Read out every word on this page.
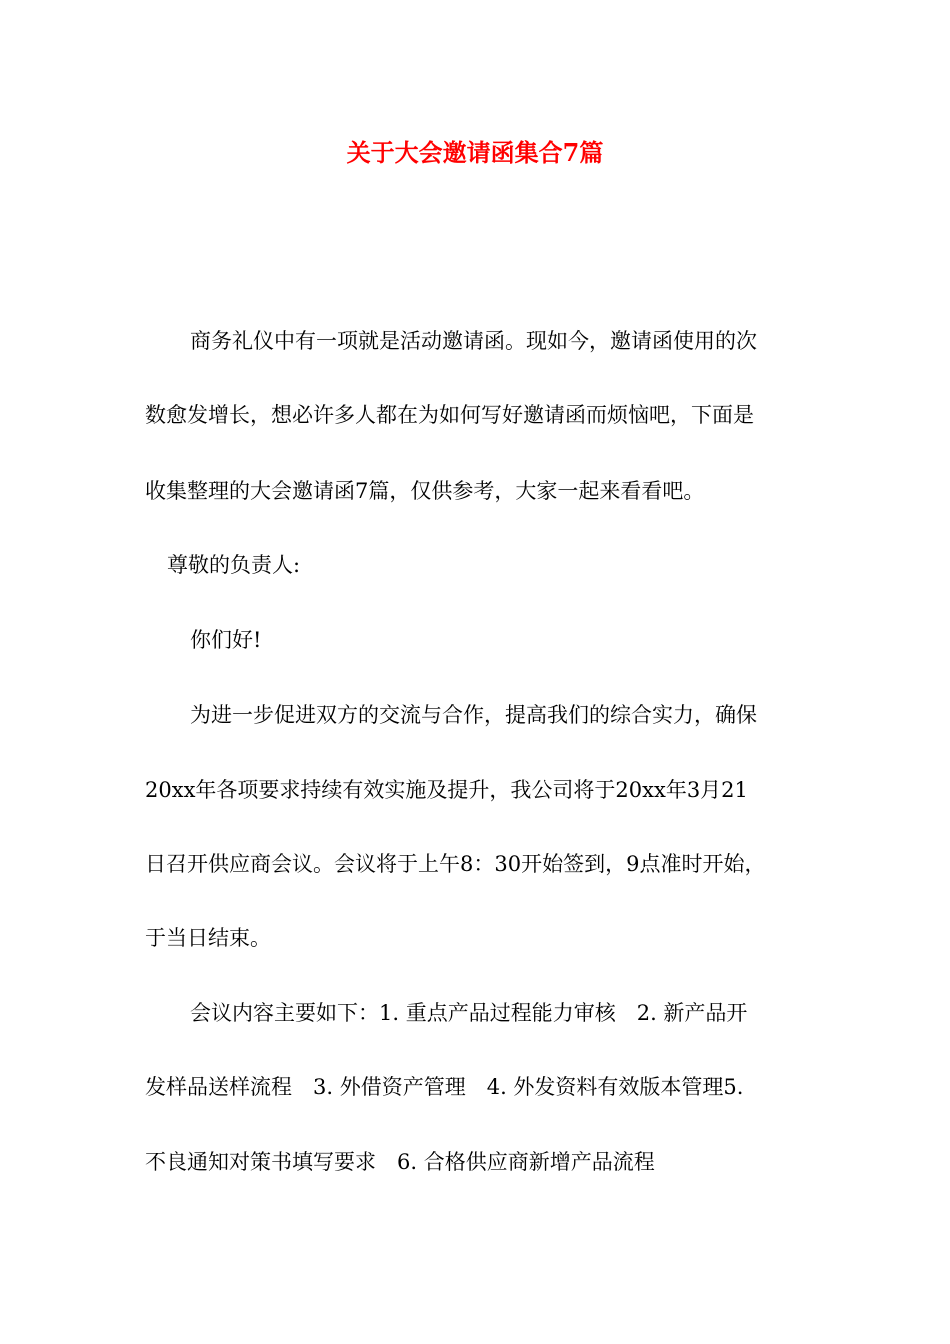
关于大会邀请函集合7篇
商务礼仪中有一项就是活动邀请函。现如今，邀请函使用的次
数愈发增长，想必许多人都在为如何写好邀请函而烦恼吧，下面是
收集整理的大会邀请函7篇，仅供参考，大家一起来看看吧。
尊敬的负责人:
你们好!
为进一步促进双方的交流与合作，提高我们的综合实力，确保
20xx年各项要求持续有效实施及提升，我公司将于20xx年3月21
日召开供应商会议。会议将于上午8：30开始签到，9点准时开始，
于当日结束。
会议内容主要如下：1. 重点产品过程能力审核　2. 新产品开
发样品送样流程　3. 外借资产管理　4. 外发资料有效版本管理5.
不良通知对策书填写要求　6. 合格供应商新增产品流程
